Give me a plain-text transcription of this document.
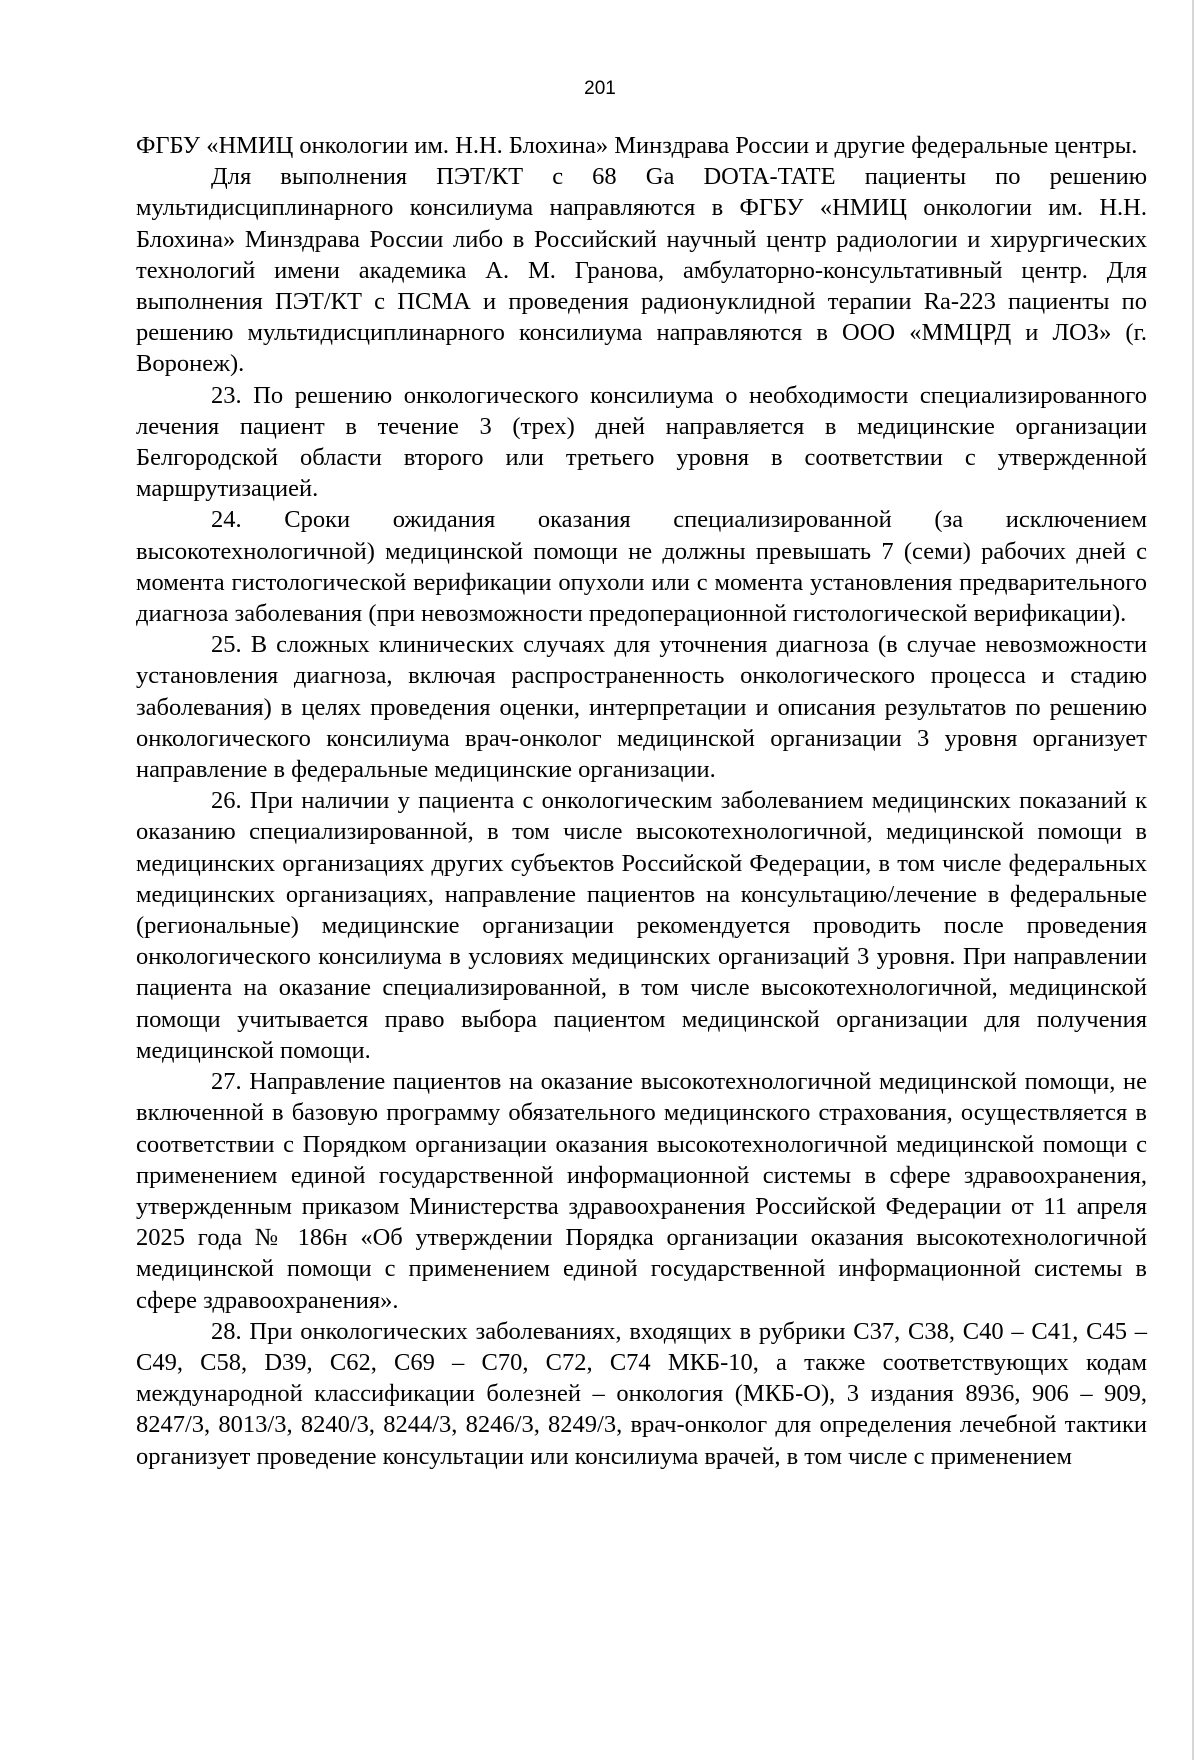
201

ФГБУ «НМИЦ онкологии им. Н.Н. Блохина» Минздрава России и другие федеральные центры.

Для выполнения ПЭТ/КТ с 68 Ga DOTA-TATE пациенты по решению мультидисциплинарного консилиума направляются в ФГБУ «НМИЦ онкологии им. Н.Н. Блохина» Минздрава России либо в Российский научный центр радиологии и хирургических технологий имени академика А. М. Гранова, амбулаторно-консультативный центр. Для выполнения ПЭТ/КТ с ПСМА и проведения радионуклидной терапии Ra-223 пациенты по решению мультидисциплинарного консилиума направляются в ООО «ММЦРД и ЛОЗ» (г. Воронеж).

23. По решению онкологического консилиума о необходимости специализированного лечения пациент в течение 3 (трех) дней направляется в медицинские организации Белгородской области второго или третьего уровня в соответствии с утвержденной маршрутизацией.

24. Сроки ожидания оказания специализированной (за исключением высокотехнологичной) медицинской помощи не должны превышать 7 (семи) рабочих дней с момента гистологической верификации опухоли или с момента установления предварительного диагноза заболевания (при невозможности предоперационной гистологической верификации).

25. В сложных клинических случаях для уточнения диагноза (в случае невозможности установления диагноза, включая распространенность онкологического процесса и стадию заболевания) в целях проведения оценки, интерпретации и описания результатов по решению онкологического консилиума врач-онколог медицинской организации 3 уровня организует направление в федеральные медицинские организации.

26. При наличии у пациента с онкологическим заболеванием медицинских показаний к оказанию специализированной, в том числе высокотехнологичной, медицинской помощи в медицинских организациях других субъектов Российской Федерации, в том числе федеральных медицинских организациях, направление пациентов на консультацию/лечение в федеральные (региональные) медицинские организации рекомендуется проводить после проведения онкологического консилиума в условиях медицинских организаций 3 уровня. При направлении пациента на оказание специализированной, в том числе высокотехнологичной, медицинской помощи учитывается право выбора пациентом медицинской организации для получения медицинской помощи.

27. Направление пациентов на оказание высокотехнологичной медицинской помощи, не включенной в базовую программу обязательного медицинского страхования, осуществляется в соответствии с Порядком организации оказания высокотехнологичной медицинской помощи с применением единой государственной информационной системы в сфере здравоохранения, утвержденным приказом Министерства здравоохранения Российской Федерации от 11 апреля 2025 года № 186н «Об утверждении Порядка организации оказания высокотехнологичной медицинской помощи с применением единой государственной информационной системы в сфере здравоохранения».

28. При онкологических заболеваниях, входящих в рубрики С37, С38, С40 – С41, С45 – С49, С58, D39, С62, С69 – С70, С72, С74 МКБ-10, а также соответствующих кодам международной классификации болезней – онкология (МКБ-О), 3 издания 8936, 906 – 909, 8247/3, 8013/3, 8240/3, 8244/3, 8246/3, 8249/3, врач-онколог для определения лечебной тактики организует проведение консультации или консилиума врачей, в том числе с применением
